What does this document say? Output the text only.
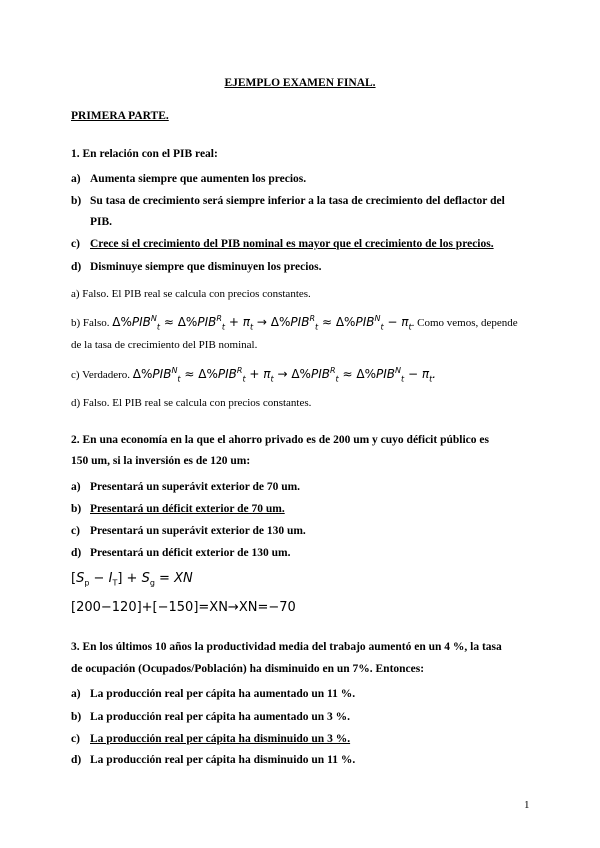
EJEMPLO EXAMEN FINAL.
PRIMERA PARTE.
1. En relación con el PIB real:
a) Aumenta siempre que aumenten los precios.
b) Su tasa de crecimiento será siempre inferior a la tasa de crecimiento del deflactor del
PIB.
c) Crece si el crecimiento del PIB nominal es mayor que el crecimiento de los precios.
d) Disminuye siempre que disminuyen los precios.
a) Falso. El PIB real se calcula con precios constantes.
b) Falso. $\Delta\%PIB^N_t \approx \Delta\%PIB^R_t + \pi_t \to \Delta\%PIB^R_t \approx \Delta\%PIB^N_t - \pi_t$. Como vemos, depende
de la tasa de crecimiento del PIB nominal.
c) Verdadero. $\Delta\%PIB^N_t \approx \Delta\%PIB^R_t + \pi_t \to \Delta\%PIB^R_t \approx \Delta\%PIB^N_t - \pi_t$.
d) Falso. El PIB real se calcula con precios constantes.
2. En una economía en la que el ahorro privado es de 200 um y cuyo déficit público es
150 um, si la inversión es de 120 um:
a) Presentará un superávit exterior de 70 um.
b) Presentará un déficit exterior de 70 um.
c) Presentará un superávit exterior de 130 um.
d) Presentará un déficit exterior de 130 um.
$[S_p - I_T] + S_g$ = XN
[200−120]+[−150]=XN→XN=−70
3. En los últimos 10 años la productividad media del trabajo aumentó en un 4 %, la tasa
de ocupación (Ocupados/Población) ha disminuido en un 7%. Entonces:
a) La producción real per cápita ha aumentado un 11 %.
b) La producción real per cápita ha aumentado un 3 %.
c) La producción real per cápita ha disminuido un 3 %.
d) La producción real per cápita ha disminuido un 11 %.
1
